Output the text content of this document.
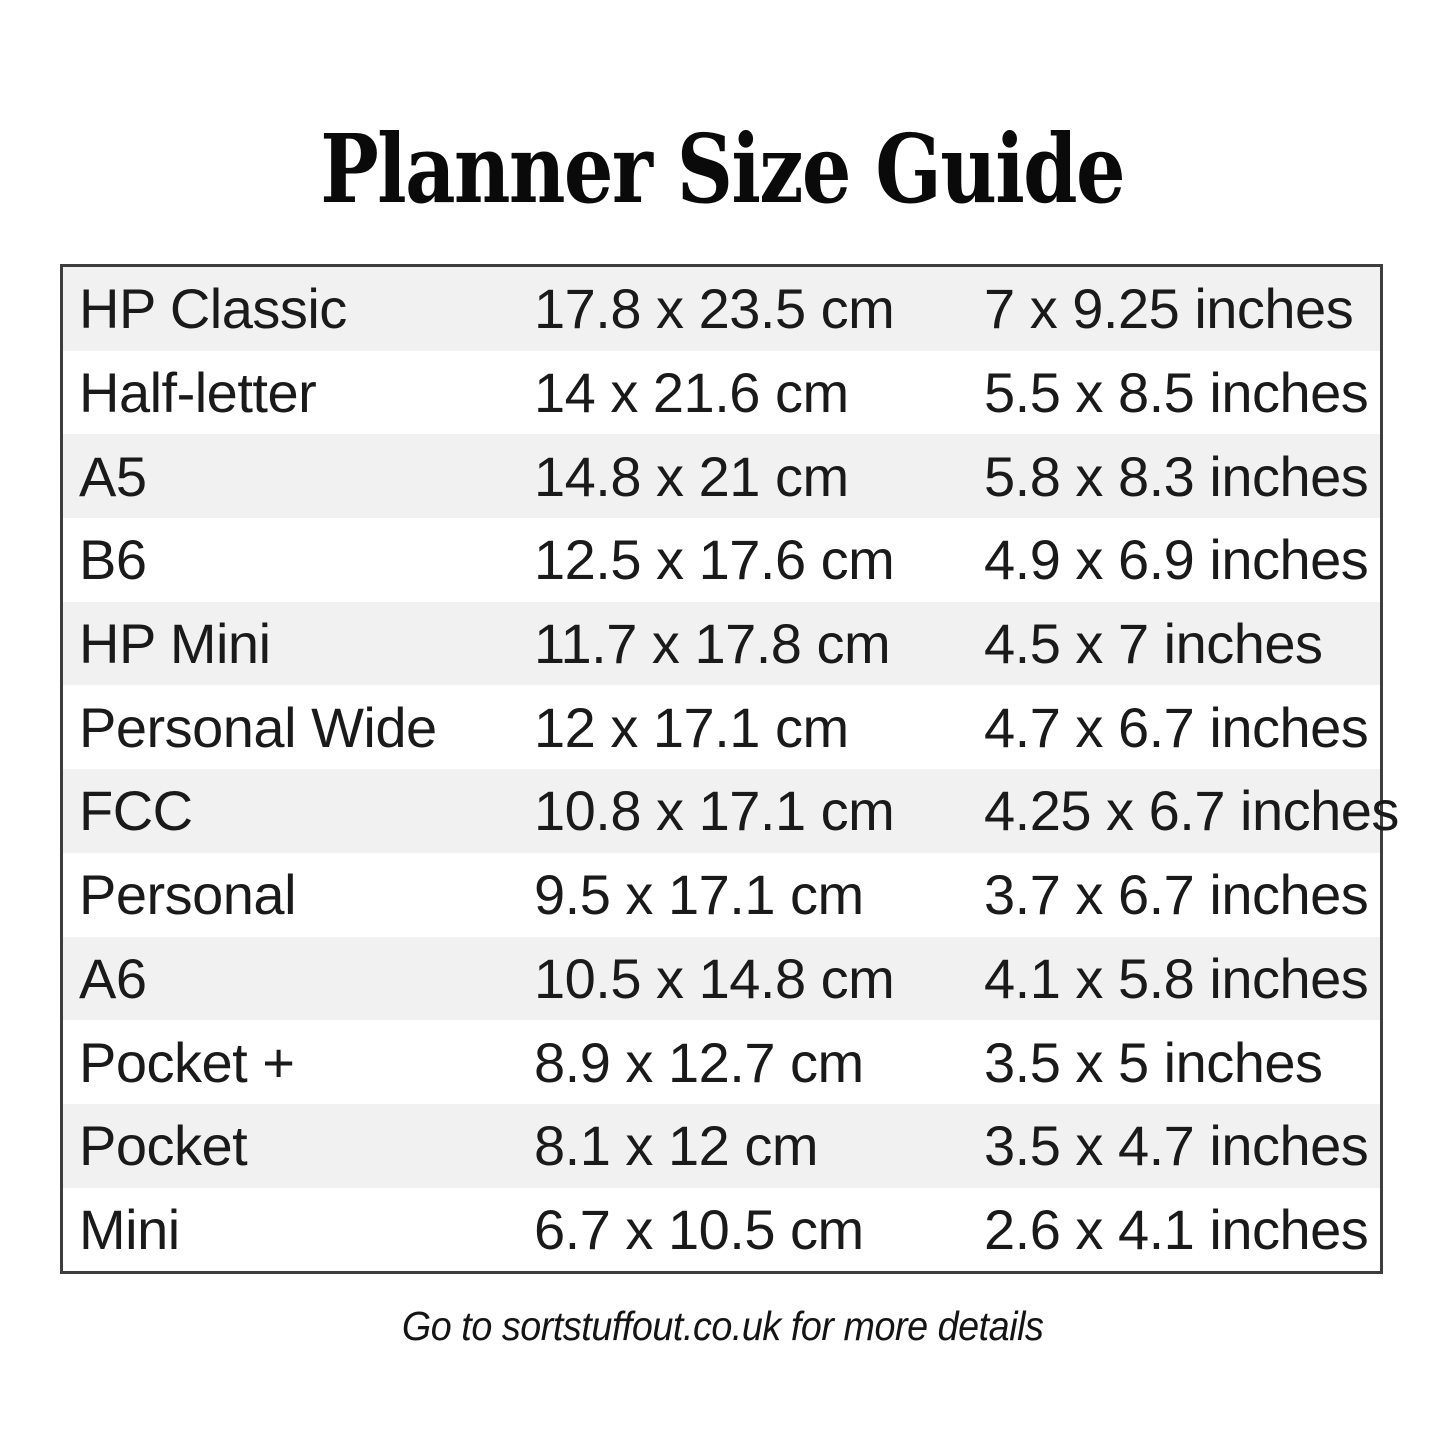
Planner Size Guide
HP Classic	17.8 x 23.5 cm	7 x 9.25 inches
Half-letter	14 x 21.6 cm	5.5 x 8.5 inches
A5	14.8 x 21 cm	5.8 x 8.3 inches
B6	12.5 x 17.6 cm	4.9 x 6.9 inches
HP Mini	11.7 x 17.8 cm	4.5 x 7 inches
Personal Wide	12 x 17.1 cm	4.7 x 6.7 inches
FCC	10.8 x 17.1 cm	4.25 x 6.7 inches
Personal	9.5 x 17.1 cm	3.7 x 6.7 inches
A6	10.5 x 14.8 cm	4.1 x 5.8 inches
Pocket +	8.9 x 12.7 cm	3.5 x 5 inches
Pocket	8.1 x 12 cm	3.5 x 4.7 inches
Mini	6.7 x 10.5 cm	2.6 x 4.1 inches
Go to sortstuffout.co.uk for more details
